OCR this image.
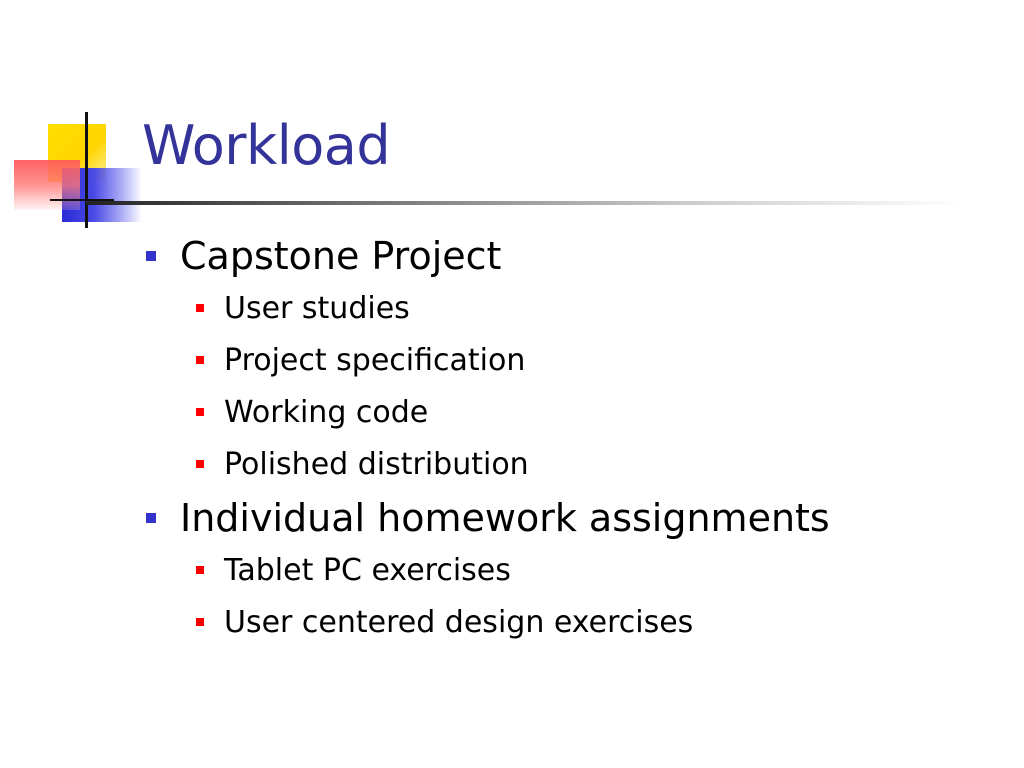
Workload
Capstone Project
User studies
Project specification
Working code
Polished distribution
Individual homework assignments
Tablet PC exercises
User centered design exercises
